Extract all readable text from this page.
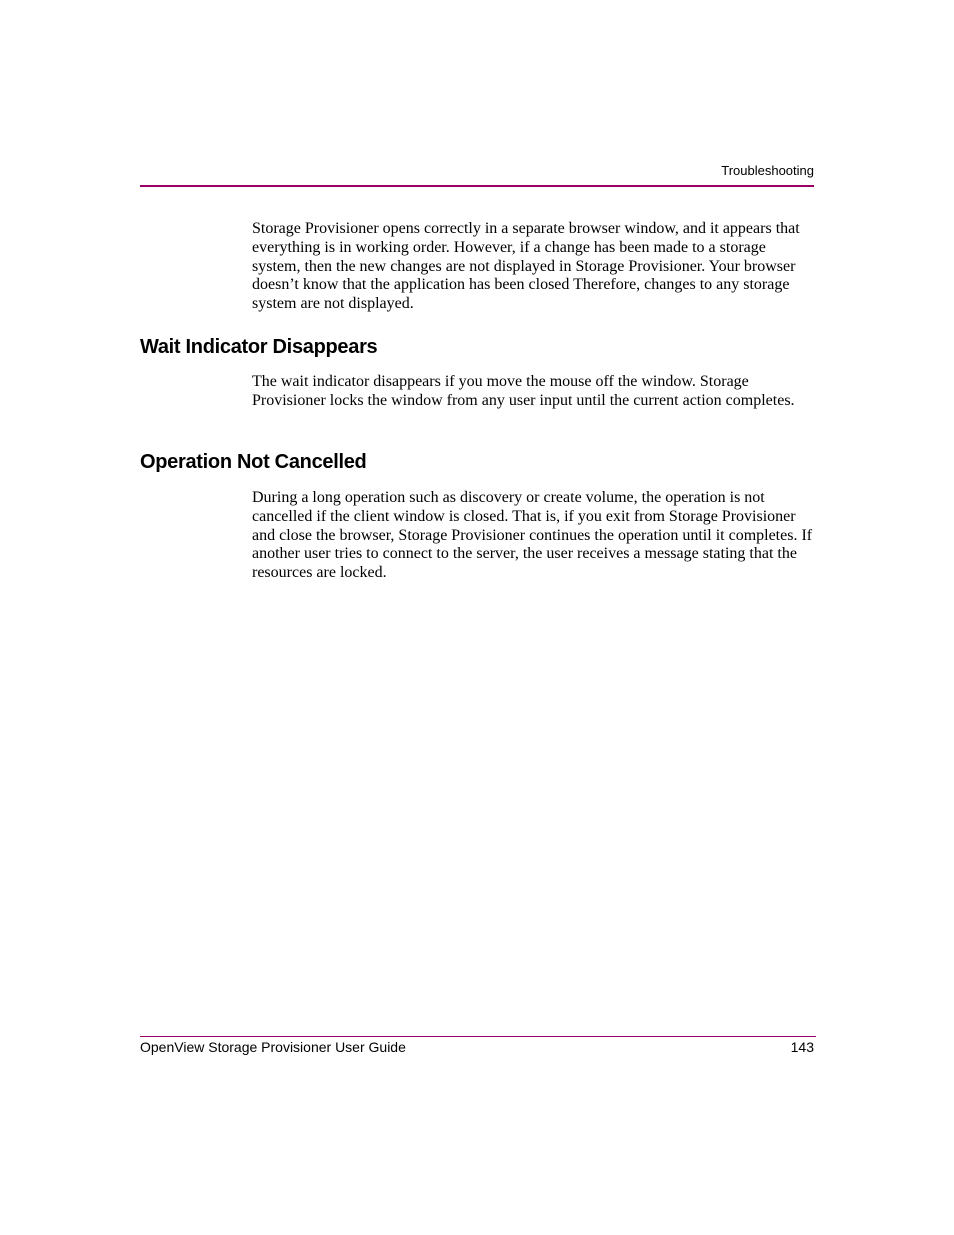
Troubleshooting

Storage Provisioner opens correctly in a separate browser window, and it appears that everything is in working order. However, if a change has been made to a storage system, then the new changes are not displayed in Storage Provisioner. Your browser doesn’t know that the application has been closed Therefore, changes to any storage system are not displayed.

Wait Indicator Disappears

The wait indicator disappears if you move the mouse off the window. Storage Provisioner locks the window from any user input until the current action completes.

Operation Not Cancelled

During a long operation such as discovery or create volume, the operation is not cancelled if the client window is closed. That is, if you exit from Storage Provisioner and close the browser, Storage Provisioner continues the operation until it completes. If another user tries to connect to the server, the user receives a message stating that the resources are locked.

OpenView Storage Provisioner User Guide	143
